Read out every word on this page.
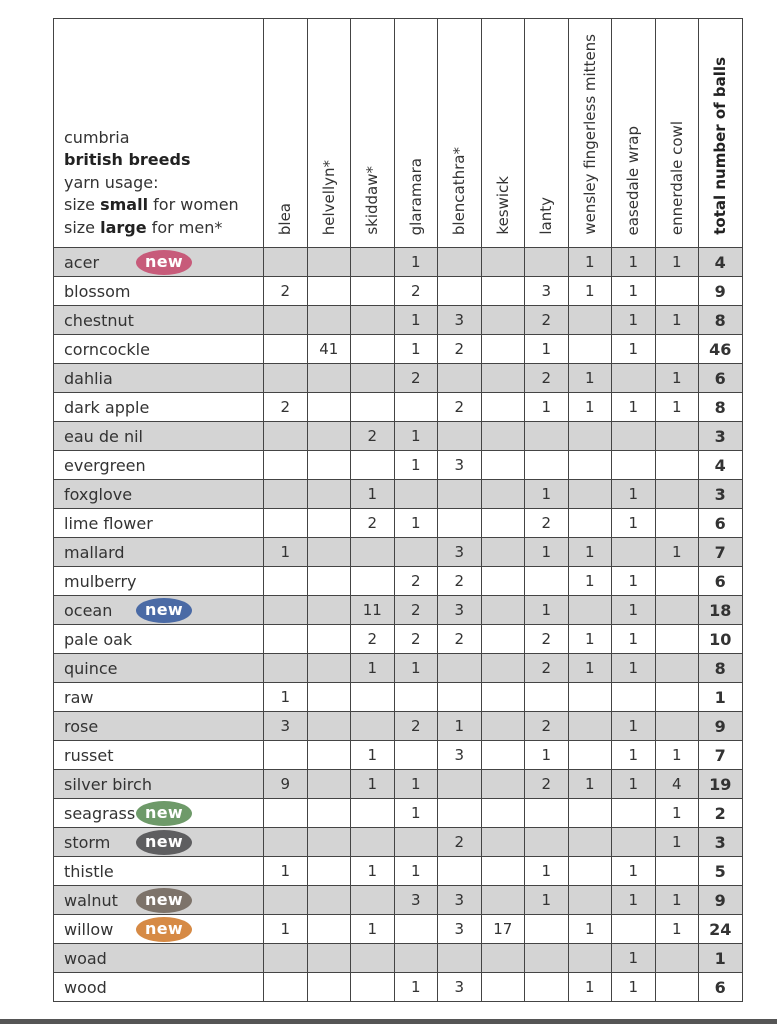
cumbria
british breeds
yarn usage:
size small for women
size large for men*	blea	helvellyn*	skiddaw*	glaramara	blencathra*	keswick	lanty	wensley fingerless mittens	easedale wrap	ennerdale cowl	total number of balls
acer new				1				1	1	1	4
blossom	2			2			3	1	1		9
chestnut				1	3		2		1	1	8
corncockle		41		1	2		1		1		46
dahlia				2			2	1		1	6
dark apple	2				2		1	1	1	1	8
eau de nil			2	1							3
evergreen				1	3						4
foxglove			1				1		1		3
lime flower			2	1			2		1		6
mallard	1				3		1	1		1	7
mulberry				2	2			1	1		6
ocean new			11	2	3		1		1		18
pale oak			2	2	2		2	1	1		10
quince			1	1			2	1	1		8
raw	1										1
rose	3			2	1		2		1		9
russet			1		3		1		1	1	7
silver birch	9		1	1			2	1	1	4	19
seagrass new				1						1	2
storm new					2					1	3
thistle	1		1	1			1		1		5
walnut new				3	3		1		1	1	9
willow new	1		1		3	17		1		1	24
woad									1		1
wood				1	3			1	1		6
